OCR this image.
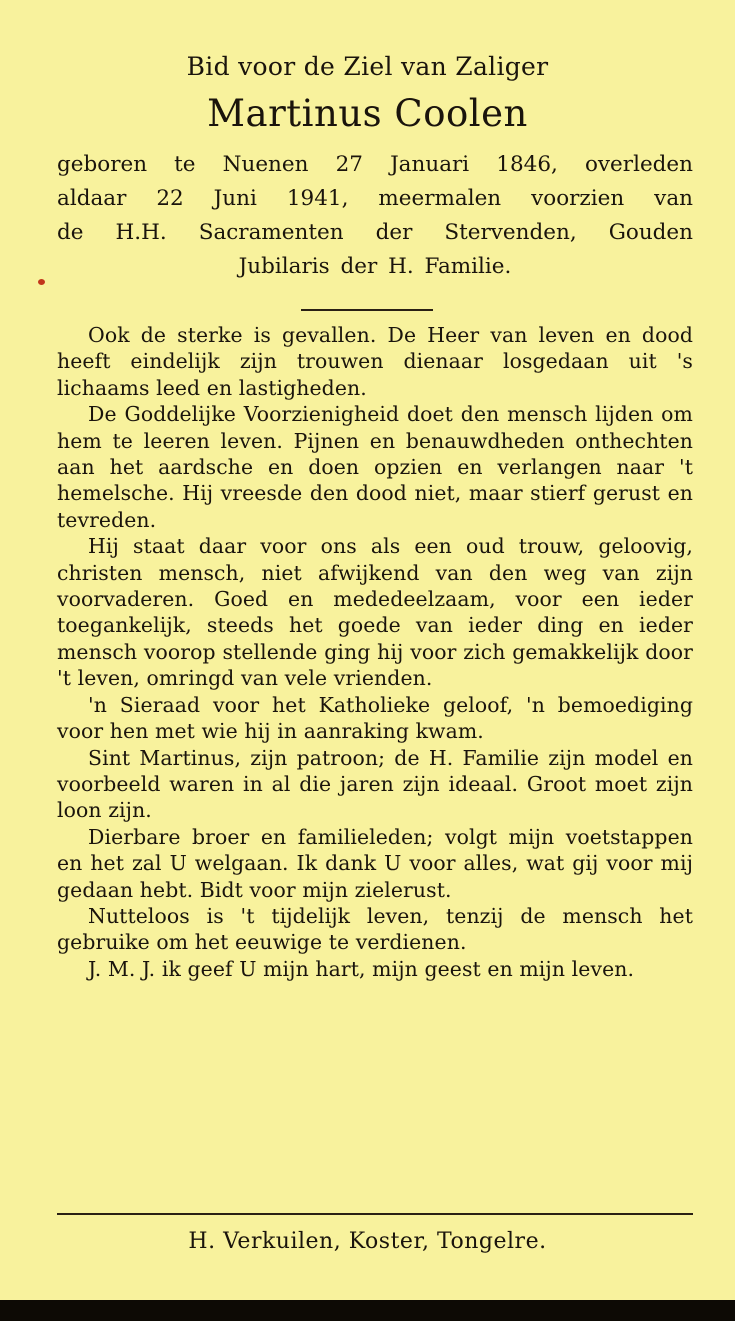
Bid voor de Ziel van Zaliger
Martinus Coolen
geboren te Nuenen 27 Januari 1846, overleden
aldaar 22 Juni 1941, meermalen voorzien van
de H.H. Sacramenten der Stervenden, Gouden
Jubilaris der H. Familie.

Ook de sterke is gevallen. De Heer van leven en dood heeft eindelijk zijn trouwen dienaar losgedaan uit 's lichaams leed en lastigheden.

De Goddelijke Voorzienigheid doet den mensch lijden om hem te leeren leven. Pijnen en benauwdheden onthechten aan het aardsche en doen opzien en verlangen naar 't hemelsche. Hij vreesde den dood niet, maar stierf gerust en tevreden.

Hij staat daar voor ons als een oud trouw, geloovig, christen mensch, niet afwijkend van den weg van zijn voorvaderen. Goed en mededeelzaam, voor een ieder toegankelijk, steeds het goede van ieder ding en ieder mensch voorop stellende ging hij voor zich gemakkelijk door 't leven, omringd van vele vrienden.

'n Sieraad voor het Katholieke geloof, 'n bemoediging voor hen met wie hij in aanraking kwam.

Sint Martinus, zijn patroon; de H. Familie zijn model en voorbeeld waren in al die jaren zijn ideaal. Groot moet zijn loon zijn.

Dierbare broer en familieleden; volgt mijn voetstappen en het zal U welgaan. Ik dank U voor alles, wat gij voor mij gedaan hebt. Bidt voor mijn zielerust.

Nutteloos is 't tijdelijk leven, tenzij de mensch het gebruike om het eeuwige te verdienen.

J. M. J. ik geef U mijn hart, mijn geest en mijn leven.

H. Verkuilen, Koster, Tongelre.
